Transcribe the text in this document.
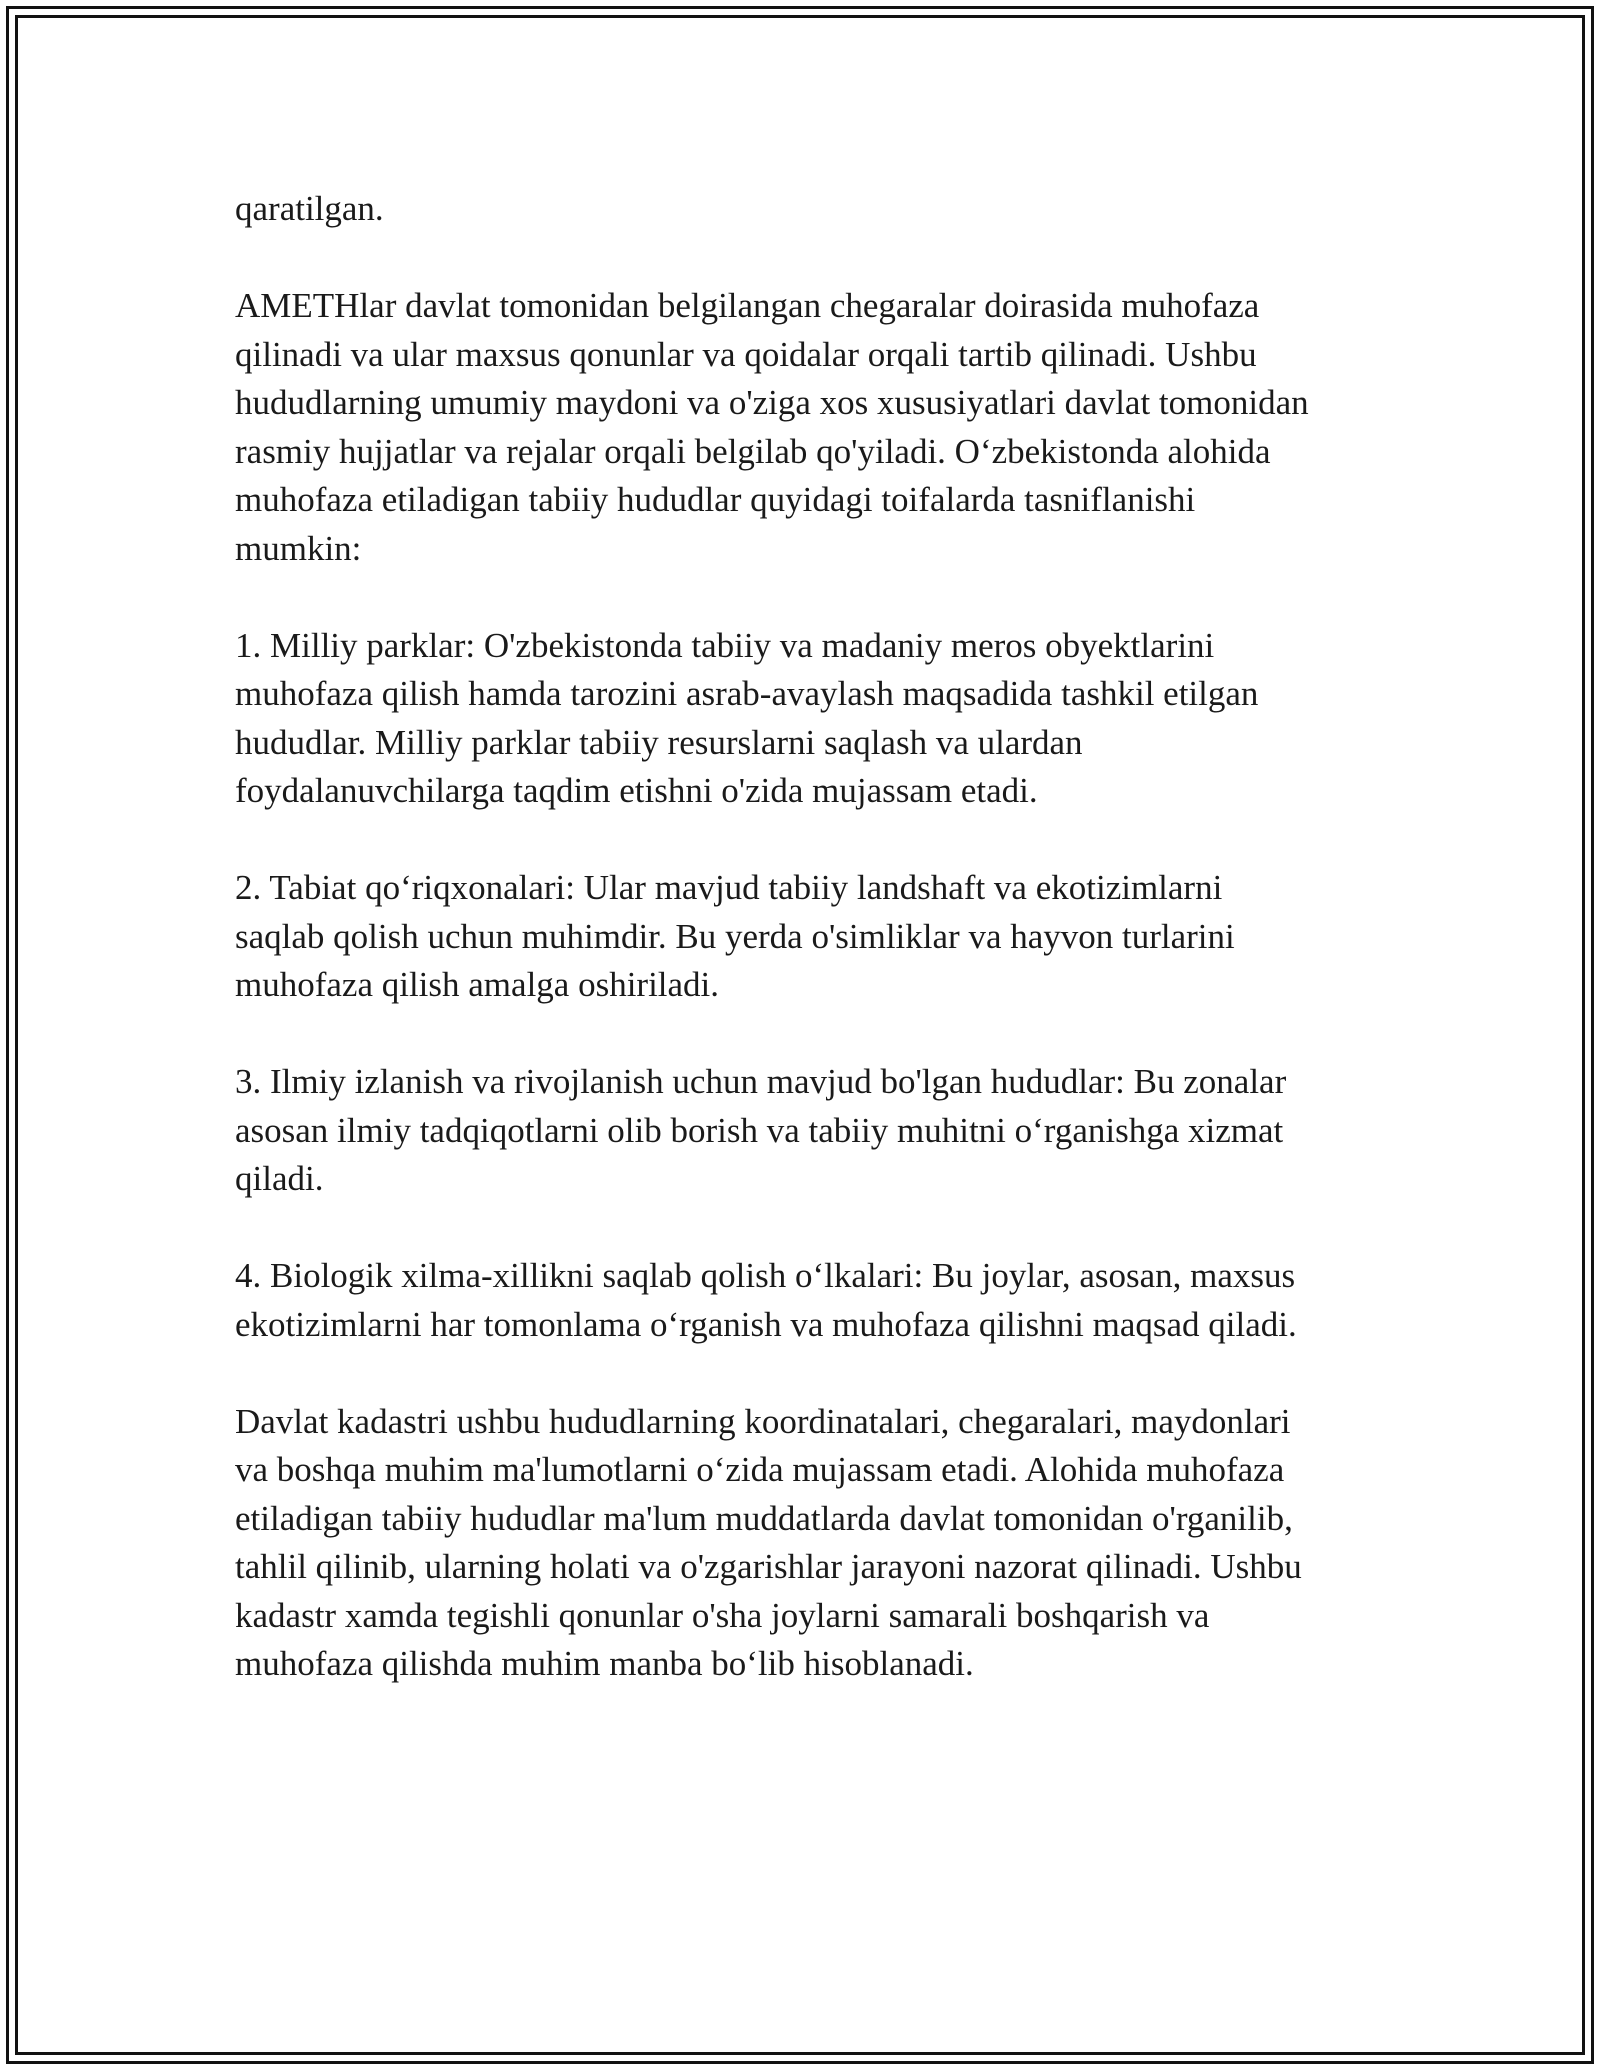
qaratilgan.

AMETHlar davlat tomonidan belgilangan chegaralar doirasida muhofaza
qilinadi va ular maxsus qonunlar va qoidalar orqali tartib qilinadi. Ushbu
hududlarning umumiy maydoni va o'ziga xos xususiyatlari davlat tomonidan
rasmiy hujjatlar va rejalar orqali belgilab qo'yiladi. Oʻzbekistonda alohida
muhofaza etiladigan tabiiy hududlar quyidagi toifalarda tasniflanishi
mumkin:

1. Milliy parklar: O'zbekistonda tabiiy va madaniy meros obyektlarini
muhofaza qilish hamda tarozini asrab-avaylash maqsadida tashkil etilgan
hududlar. Milliy parklar tabiiy resurslarni saqlash va ulardan
foydalanuvchilarga taqdim etishni o'zida mujassam etadi.

2. Tabiat qoʻriqxonalari: Ular mavjud tabiiy landshaft va ekotizimlarni
saqlab qolish uchun muhimdir. Bu yerda o'simliklar va hayvon turlarini
muhofaza qilish amalga oshiriladi.

3. Ilmiy izlanish va rivojlanish uchun mavjud bo'lgan hududlar: Bu zonalar
asosan ilmiy tadqiqotlarni olib borish va tabiiy muhitni oʻrganishga xizmat
qiladi.

4. Biologik xilma-xillikni saqlab qolish oʻlkalari: Bu joylar, asosan, maxsus
ekotizimlarni har tomonlama oʻrganish va muhofaza qilishni maqsad qiladi.

Davlat kadastri ushbu hududlarning koordinatalari, chegaralari, maydonlari
va boshqa muhim ma'lumotlarni oʻzida mujassam etadi. Alohida muhofaza
etiladigan tabiiy hududlar ma'lum muddatlarda davlat tomonidan o'rganilib,
tahlil qilinib, ularning holati va o'zgarishlar jarayoni nazorat qilinadi. Ushbu
kadastr xamda tegishli qonunlar o'sha joylarni samarali boshqarish va
muhofaza qilishda muhim manba boʻlib hisoblanadi.
